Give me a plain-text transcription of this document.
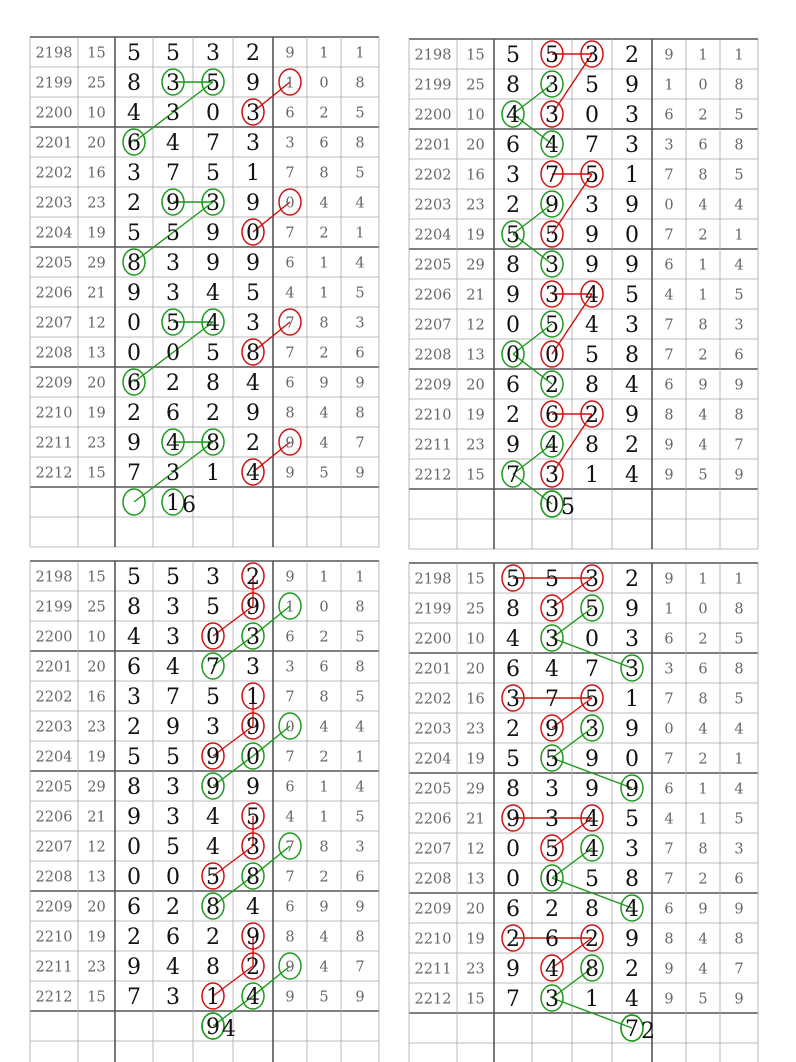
2198 15 5 5 3 2 9 1 1
2199 25 8 3 5 9 1 0 8
2200 10 4 3 0 3 6 2 5
2201 20 6 4 7 3 3 6 8
2202 16 3 7 5 1 7 8 5
2203 23 2 9 3 9 0 4 4
2204 19 5 5 9 0 7 2 1
2205 29 8 3 9 9 6 1 4
2206 21 9 3 4 5 4 1 5
2207 12 0 5 4 3 7 8 3
2208 13 0 0 5 8 7 2 6
2209 20 6 2 8 4 6 9 9
2210 19 2 6 2 9 8 4 8
2211 23 9 4 8 2 9 4 7
2212 15 7 3 1 4 9 5 9
1 6
2198 15 5 5 3 2 9 1 1
2199 25 8 3 5 9 1 0 8
2200 10 4 3 0 3 6 2 5
2201 20 6 4 7 3 3 6 8
2202 16 3 7 5 1 7 8 5
2203 23 2 9 3 9 0 4 4
2204 19 5 5 9 0 7 2 1
2205 29 8 3 9 9 6 1 4
2206 21 9 3 4 5 4 1 5
2207 12 0 5 4 3 7 8 3
2208 13 0 0 5 8 7 2 6
2209 20 6 2 8 4 6 9 9
2210 19 2 6 2 9 8 4 8
2211 23 9 4 8 2 9 4 7
2212 15 7 3 1 4 9 5 9
0 5
2198 15 5 5 3 2 9 1 1
2199 25 8 3 5 9 1 0 8
2200 10 4 3 0 3 6 2 5
2201 20 6 4 7 3 3 6 8
2202 16 3 7 5 1 7 8 5
2203 23 2 9 3 9 0 4 4
2204 19 5 5 9 0 7 2 1
2205 29 8 3 9 9 6 1 4
2206 21 9 3 4 5 4 1 5
2207 12 0 5 4 3 7 8 3
2208 13 0 0 5 8 7 2 6
2209 20 6 2 8 4 6 9 9
2210 19 2 6 2 9 8 4 8
2211 23 9 4 8 2 9 4 7
2212 15 7 3 1 4 9 5 9
9 4
2198 15 5 5 3 2 9 1 1
2199 25 8 3 5 9 1 0 8
2200 10 4 3 0 3 6 2 5
2201 20 6 4 7 3 3 6 8
2202 16 3 7 5 1 7 8 5
2203 23 2 9 3 9 0 4 4
2204 19 5 5 9 0 7 2 1
2205 29 8 3 9 9 6 1 4
2206 21 9 3 4 5 4 1 5
2207 12 0 5 4 3 7 8 3
2208 13 0 0 5 8 7 2 6
2209 20 6 2 8 4 6 9 9
2210 19 2 6 2 9 8 4 8
2211 23 9 4 8 2 9 4 7
2212 15 7 3 1 4 9 5 9
7 2
